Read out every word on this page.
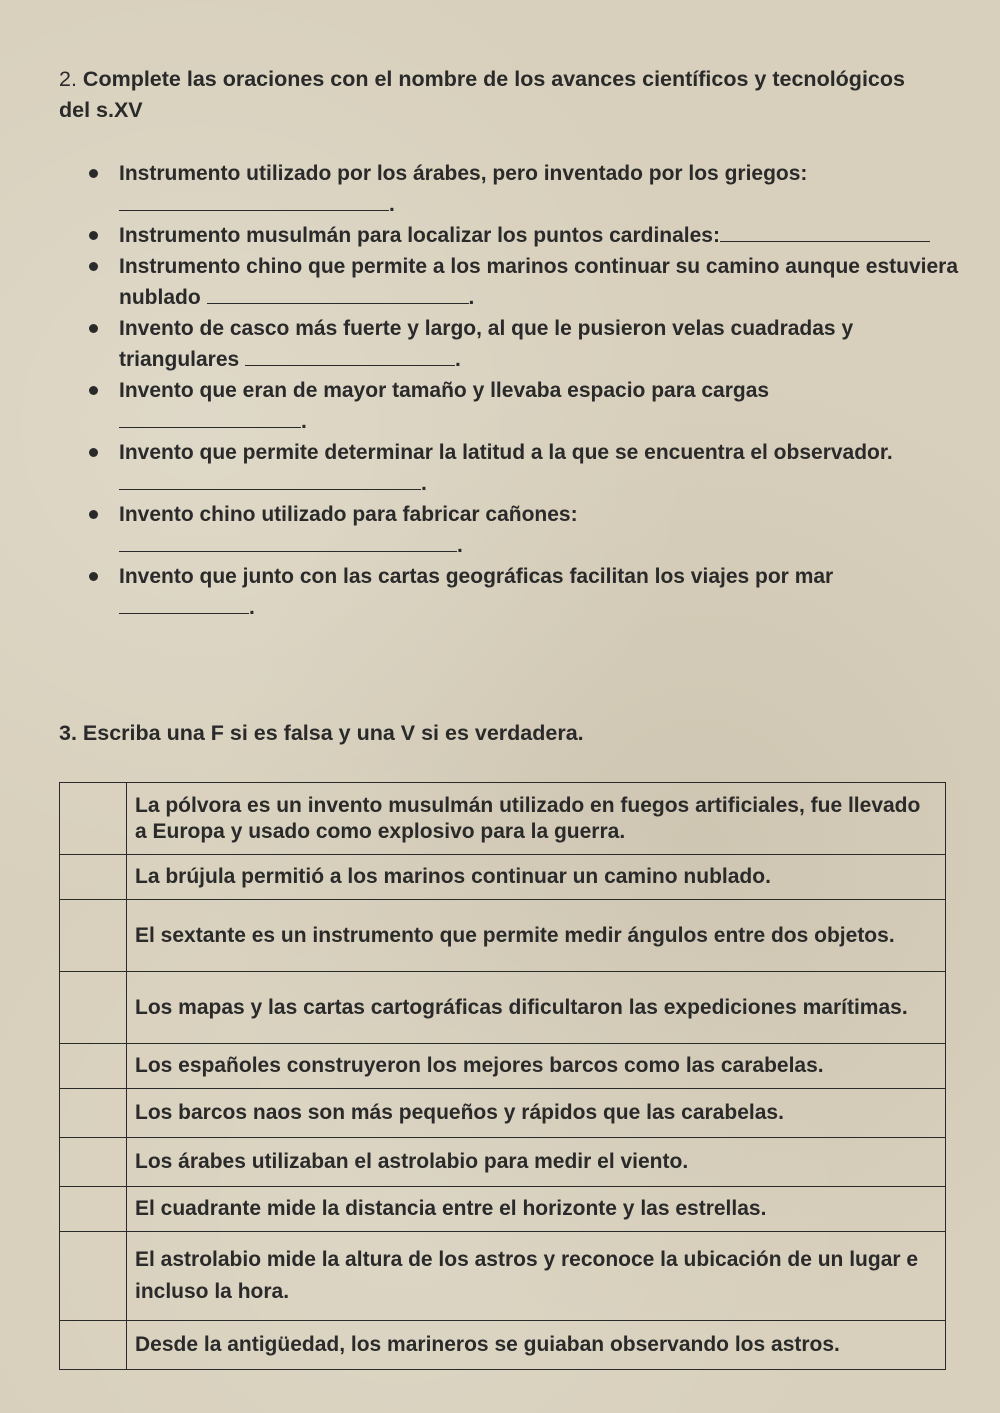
2. Complete las oraciones con el nombre de los avances científicos y tecnológicos del s.XV
Instrumento utilizado por los árabes, pero inventado por los griegos:.
Instrumento musulmán para localizar los puntos cardinales:
Instrumento chino que permite a los marinos continuar su camino aunque estuviera nublado	.
Invento de casco más fuerte y largo, al que le pusieron velas cuadradas y triangulares	.
Invento que eran de mayor tamaño y llevaba espacio para cargas
.
Invento que permite determinar la latitud a la que se encuentra el observador.
.
Invento chino utilizado para fabricar cañones:
.
Invento que junto con las cartas geográficas facilitan los viajes por mar
.
3. Escriba una F si es falsa y una V si es verdadera.
	La pólvora es un invento musulmán utilizado en fuegos artificiales, fue llevado a Europa y usado como explosivo para la guerra.
	La brújula permitió a los marinos continuar un camino nublado.
	El sextante es un instrumento que permite medir ángulos entre dos objetos.
	Los mapas y las cartas cartográficas dificultaron las expediciones marítimas.
	Los españoles construyeron los mejores barcos como las carabelas.
	Los barcos naos son más pequeños y rápidos que las carabelas.
	Los árabes utilizaban el astrolabio para medir el viento.
	El cuadrante mide la distancia entre el horizonte y las estrellas.
	El astrolabio mide la altura de los astros y reconoce la ubicación de un lugar e incluso la hora.
	Desde la antigüedad, los marineros se guiaban observando los astros.
